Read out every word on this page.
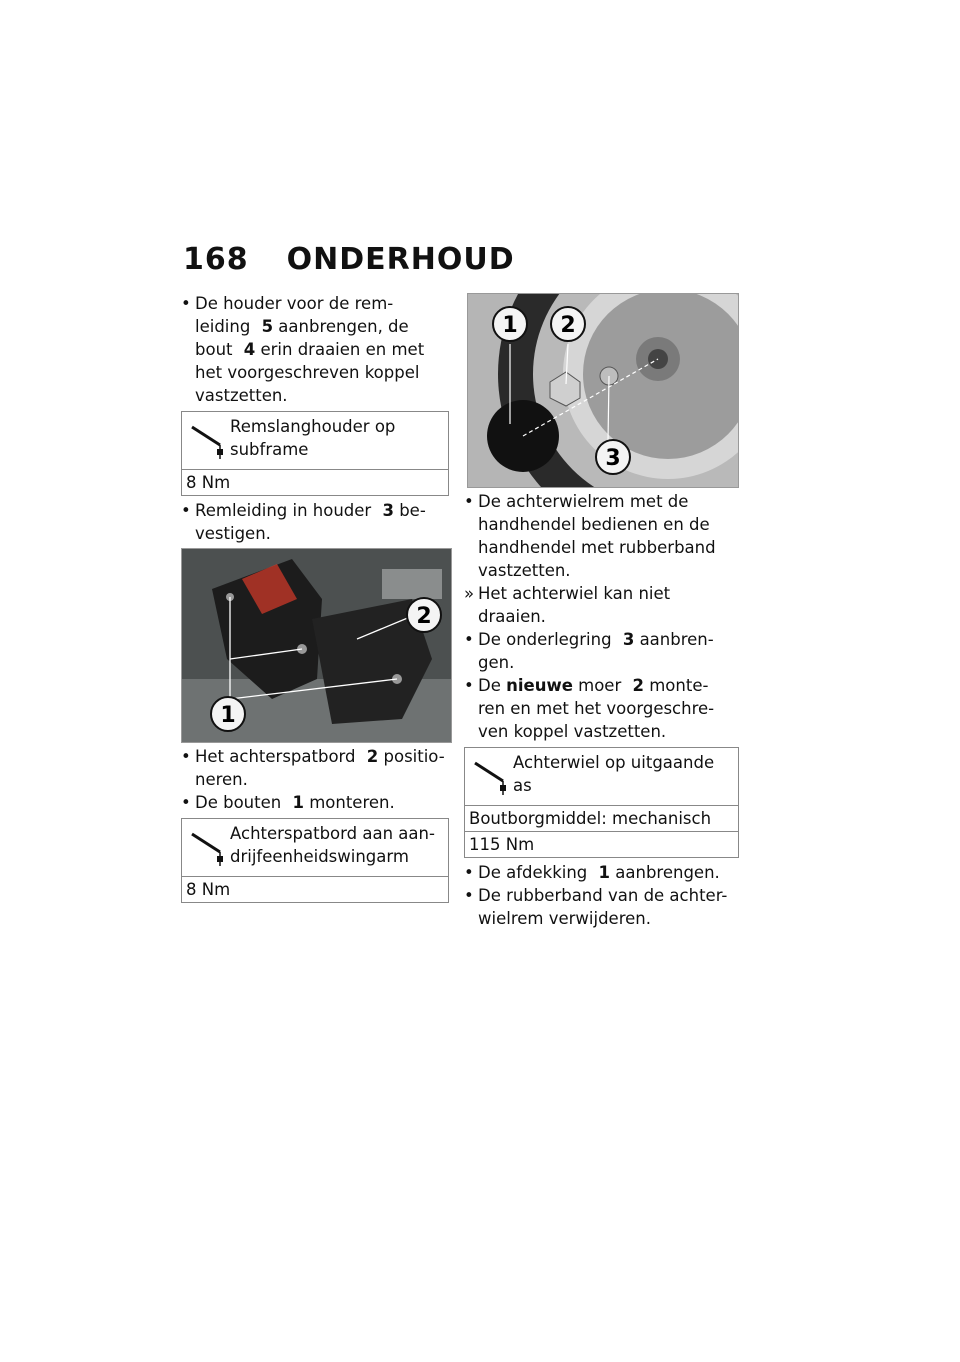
168 ONDERHOUD

• De houder voor de rem- leiding 5 aanbrengen, de bout 4 erin draaien en met het voorgeschreven koppel vastzetten.

Remslanghouder op subframe
8 Nm

• Remleiding in houder 3 be- vestigen.

2
1

• Het achterspatbord 2 positio- neren.

• De bouten 1 monteren.

Achterspatbord aan aan- drijfeenheidswingarm
8 Nm
1 2
3

• De achterwielrem met de handhendel bedienen en de handhendel met rubberband vastzetten.

» Het achterwiel kan niet draaien.

• De onderlegring 3 aanbren- gen.

• De nieuwe moer 2 monte- ren en met het voorgeschre- ven koppel vastzetten.

Achterwiel op uitgaande as
Boutborgmiddel: mechanisch
115 Nm

• De afdekking 1 aanbrengen.

• De rubberband van de achter- wielrem verwijderen.
